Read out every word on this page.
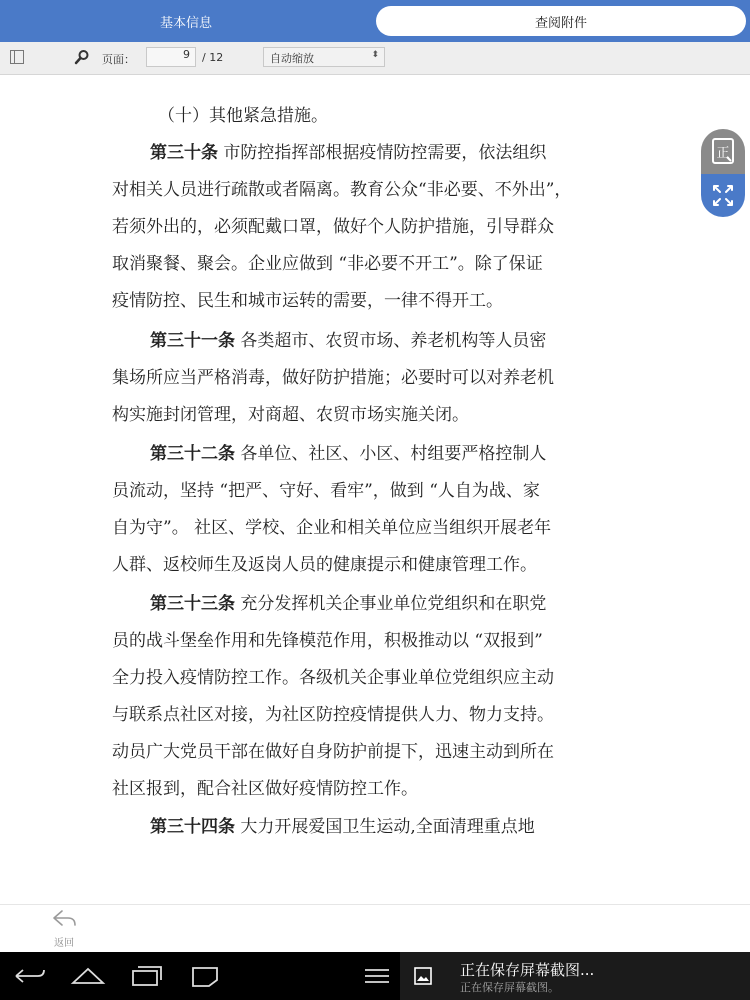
基本信息	查阅附件
页面：	9	/ 12	自动缩放	⬍
（十）其他紧急措施。
第三十条 市防控指挥部根据疫情防控需要，依法组织
对相关人员进行疏散或者隔离。教育公众“非必要、不外出”，
若须外出的，必须配戴口罩，做好个人防护措施，引导群众
取消聚餐、聚会。企业应做到 “非必要不开工”。除了保证
疫情防控、民生和城市运转的需要，一律不得开工。
第三十一条 各类超市、农贸市场、养老机构等人员密
集场所应当严格消毒，做好防护措施；必要时可以对养老机
构实施封闭管理，对商超、农贸市场实施关闭。
第三十二条 各单位、社区、小区、村组要严格控制人
员流动，坚持 “把严、守好、看牢”，做到 “人自为战、家
自为守”。 社区、学校、企业和相关单位应当组织开展老年
人群、返校师生及返岗人员的健康提示和健康管理工作。
第三十三条 充分发挥机关企事业单位党组织和在职党
员的战斗堡垒作用和先锋模范作用，积极推动以 “双报到”
全力投入疫情防控工作。各级机关企事业单位党组织应主动
与联系点社区对接，为社区防控疫情提供人力、物力支持。
动员广大党员干部在做好自身防护前提下，迅速主动到所在
社区报到，配合社区做好疫情防控工作。
第三十四条 大力开展爱国卫生运动,全面清理重点地
正
返回
正在保存屏幕截图...
正在保存屏幕截图。
